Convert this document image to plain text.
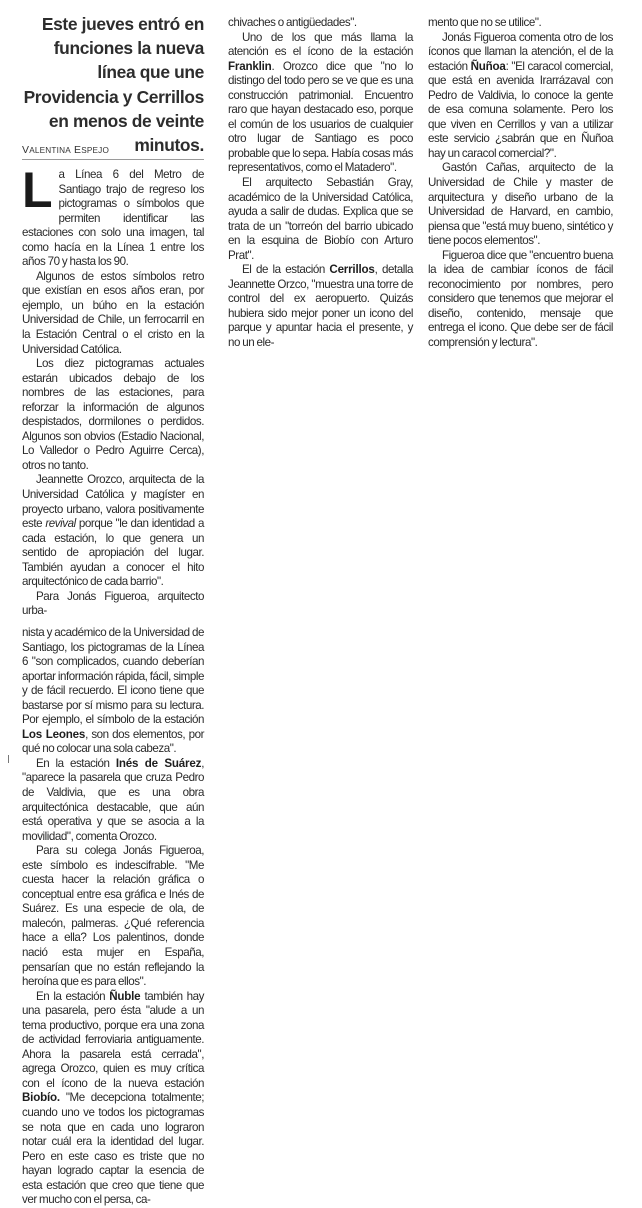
Este jueves entró en funciones la nueva línea que une Providencia y Cerrillos en menos de veinte minutos.
VALENTINA ESPEJO
L a Línea 6 del Metro de Santiago trajo de regreso los pictogramas o símbolos que permiten identificar las estaciones con solo una imagen, tal como hacía en la Línea 1 entre los años 70 y hasta los 90.

Algunos de estos símbolos retro que existían en esos años eran, por ejemplo, un búho en la estación Universidad de Chile, un ferrocarril en la Estación Central o el cristo en la Universidad Católica.

Los diez pictogramas actuales estarán ubicados debajo de los nombres de las estaciones, para reforzar la información de algunos despistados, dormilones o perdidos. Algunos son obvios (Estadio Nacional, Lo Valledor o Pedro Aguirre Cerca), otros no tanto.

Jeannette Orozco, arquitecta de la Universidad Católica y magíster en proyecto urbano, valora positivamente este revival porque "le dan identidad a cada estación, lo que genera un sentido de apropiación del lugar. También ayudan a conocer el hito arquitectónico de cada barrio".

Para Jonás Figueroa, arquitecto urba-

nista y académico de la Universidad de Santiago, los pictogramas de la Línea 6 "son complicados, cuando deberían aportar información rápida, fácil, simple y de fácil recuerdo. El icono tiene que bastarse por sí mismo para su lectura. Por ejemplo, el símbolo de la estación Los Leones, son dos elementos, por qué no colocar una sola cabeza".

En la estación Inés de Suárez, "aparece la pasarela que cruza Pedro de Valdivia, que es una obra arquitectónica destacable, que aún está operativa y que se asocia a la movilidad", comenta Orozco.

Para su colega Jonás Figueroa, este símbolo es indescifrable. "Me cuesta hacer la relación gráfica o conceptual entre esa gráfica e Inés de Suárez. Es una especie de ola, de malecón, palmeras. ¿Qué referencia hace a ella? Los palentinos, donde nació esta mujer en España, pensarían que no están reflejando la heroína que es para ellos".

En la estación Ñuble también hay una pasarela, pero ésta "alude a un tema productivo, porque era una zona de actividad ferroviaria antiguamente. Ahora la pasarela está cerrada", agrega Orozco, quien es muy crítica con el ícono de la nueva estación Biobío. "Me decepciona totalmente; cuando uno ve todos los pictogramas se nota que en cada uno lograron notar cuál era la identidad del lugar. Pero en este caso es triste que no hayan logrado captar la esencia de esta estación que creo que tiene que ver mucho con el persa, ca-

chivaches o antigüedades".

Uno de los que más llama la atención es el ícono de la estación Franklin. Orozco dice que "no lo distingo del todo pero se ve que es una construcción patrimonial. Encuentro raro que hayan destacado eso, porque el común de los usuarios de cualquier otro lugar de Santiago es poco probable que lo sepa. Había cosas más representativos, como el Matadero".

El arquitecto Sebastián Gray, académico de la Universidad Católica, ayuda a salir de dudas. Explica que se trata de un "torreón del barrio ubicado en la esquina de Biobío con Arturo Prat".

El de la estación Cerrillos, detalla Jeannette Orzco, "muestra una torre de control del ex aeropuerto. Quizás hubiera sido mejor poner un icono del parque y apuntar hacia el presente, y no un ele-

mento que no se utilice".

Jonás Figueroa comenta otro de los íconos que llaman la atención, el de la estación Ñuñoa: "El caracol comercial, que está en avenida Irarrázaval con Pedro de Valdivia, lo conoce la gente de esa comuna solamente. Pero los que viven en Cerrillos y van a utilizar este servicio ¿sabrán que en Ñuñoa hay un caracol comercial?".

Gastón Cañas, arquitecto de la Universidad de Chile y master de arquitectura y diseño urbano de la Universidad de Harvard, en cambio, piensa que "está muy bueno, sintético y tiene pocos elementos".

Figueroa dice que "encuentro buena la idea de cambiar íconos de fácil reconocimiento por nombres, pero considero que tenemos que mejorar el diseño, contenido, mensaje que entrega el icono. Que debe ser de fácil comprensión y lectura".
